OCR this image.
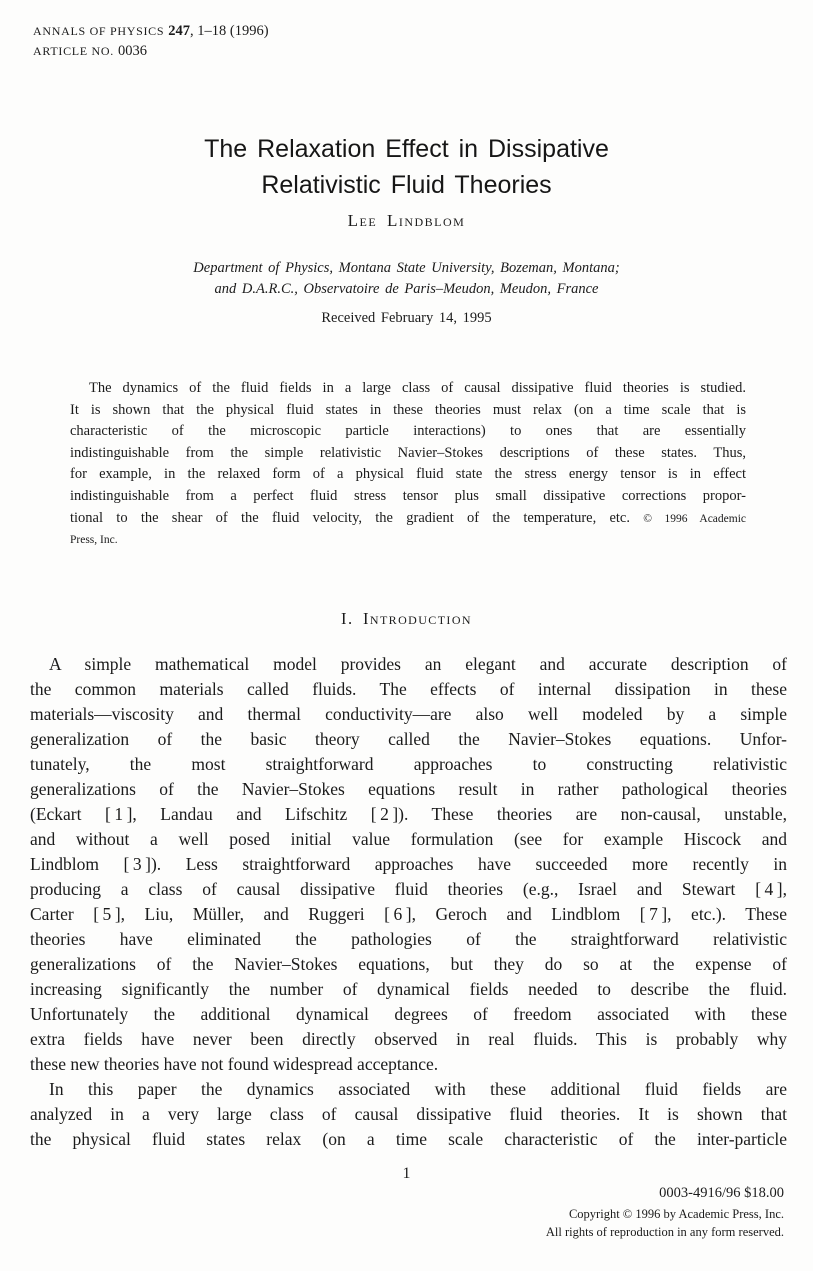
ANNALS OF PHYSICS 247, 1–18 (1996)
ARTICLE NO. 0036
The Relaxation Effect in Dissipative
Relativistic Fluid Theories
Lee Lindblom
Department of Physics, Montana State University, Bozeman, Montana;
and D.A.R.C., Observatoire de Paris–Meudon, Meudon, France
Received February 14, 1995
The dynamics of the fluid fields in a large class of causal dissipative fluid theories is studied.
It is shown that the physical fluid states in these theories must relax (on a time scale that is
characteristic of the microscopic particle interactions) to ones that are essentially
indistinguishable from the simple relativistic Navier–Stokes descriptions of these states. Thus,
for example, in the relaxed form of a physical fluid state the stress energy tensor is in effect
indistinguishable from a perfect fluid stress tensor plus small dissipative corrections propor-
tional to the shear of the fluid velocity, the gradient of the temperature, etc. © 1996 Academic
Press, Inc.
I. Introduction
A simple mathematical model provides an elegant and accurate description of
the common materials called fluids. The effects of internal dissipation in these
materials—viscosity and thermal conductivity—are also well modeled by a simple
generalization of the basic theory called the Navier–Stokes equations. Unfor-
tunately, the most straightforward approaches to constructing relativistic
generalizations of the Navier–Stokes equations result in rather pathological theories
(Eckart [ 1 ], Landau and Lifschitz [ 2 ]). These theories are non-causal, unstable,
and without a well posed initial value formulation (see for example Hiscock and
Lindblom [ 3 ]). Less straightforward approaches have succeeded more recently in
producing a class of causal dissipative fluid theories (e.g., Israel and Stewart [ 4 ],
Carter [ 5 ], Liu, Müller, and Ruggeri [ 6 ], Geroch and Lindblom [ 7 ], etc.). These
theories have eliminated the pathologies of the straightforward relativistic
generalizations of the Navier–Stokes equations, but they do so at the expense of
increasing significantly the number of dynamical fields needed to describe the fluid.
Unfortunately the additional dynamical degrees of freedom associated with these
extra fields have never been directly observed in real fluids. This is probably why
these new theories have not found widespread acceptance.
In this paper the dynamics associated with these additional fluid fields are
analyzed in a very large class of causal dissipative fluid theories. It is shown that
the physical fluid states relax (on a time scale characteristic of the inter-particle
1
0003-4916/96 $18.00
Copyright © 1996 by Academic Press, Inc.
All rights of reproduction in any form reserved.
